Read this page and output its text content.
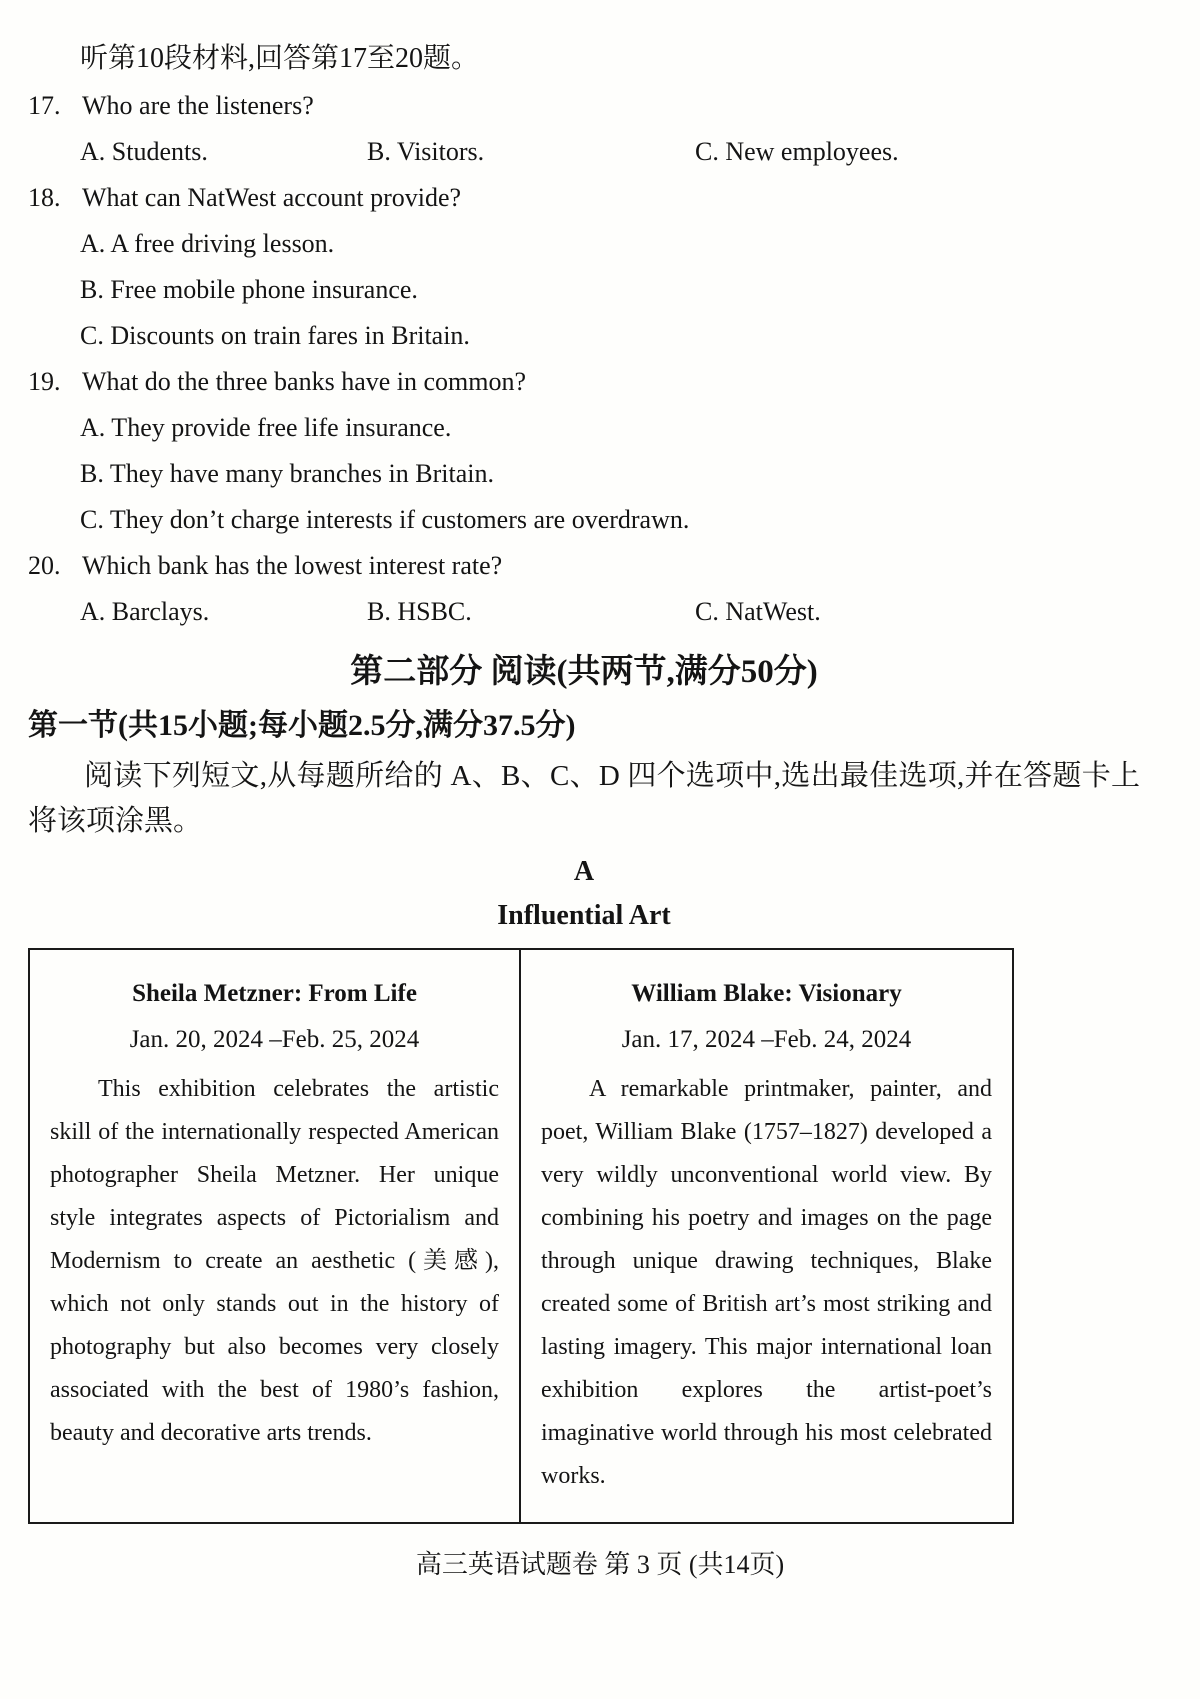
听第10段材料,回答第17至20题。

17. Who are the listeners?
A. Students.	B. Visitors.	C. New employees.
18. What can NatWest account provide?
A. A free driving lesson.
B. Free mobile phone insurance.
C. Discounts on train fares in Britain.
19. What do the three banks have in common?
A. They provide free life insurance.
B. They have many branches in Britain.
C. They don’t charge interests if customers are overdrawn.
20. Which bank has the lowest interest rate?
A. Barclays.	B. HSBC.	C. NatWest.
第二部分 阅读(共两节,满分50分)
第一节(共15小题;每小题2.5分,满分37.5分)

阅读下列短文,从每题所给的 A、B、C、D 四个选项中,选出最佳选项,并在答题卡上将该项涂黑。

A
Influential Art
Sheila Metzner: From Life
Jan. 20, 2024 –Feb. 25, 2024

This exhibition celebrates the artistic skill of the internationally respected American photographer Sheila Metzner. Her unique style integrates aspects of Pictorialism and Modernism to create an aesthetic (美感), which not only stands out in the history of photography but also becomes very closely associated with the best of 1980’s fashion, beauty and decorative arts trends.

William Blake: Visionary
Jan. 17, 2024 –Feb. 24, 2024

A remarkable printmaker, painter, and poet, William Blake (1757–1827) developed a very wildly unconventional world view. By combining his poetry and images on the page through unique drawing techniques, Blake created some of British art’s most striking and lasting imagery. This major international loan exhibition explores the artist-poet’s imaginative world through his most celebrated works.

高三英语试题卷 第 3 页 (共14页)
